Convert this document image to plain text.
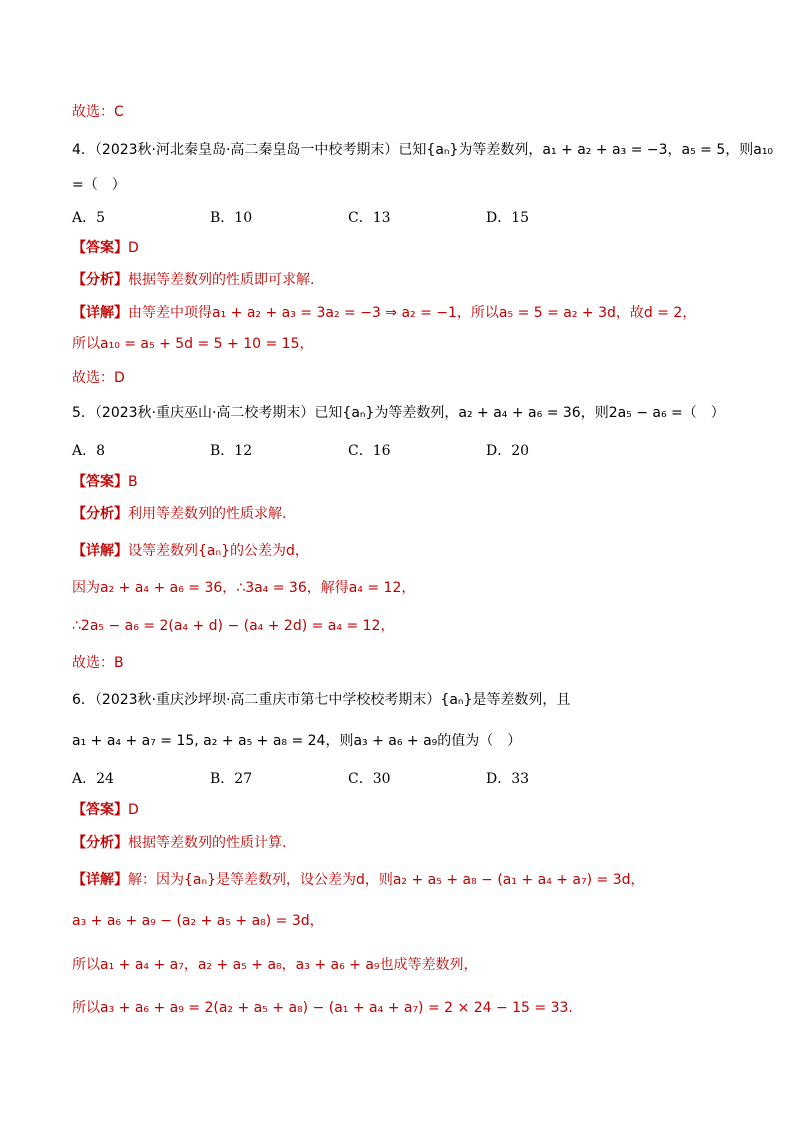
故选：C
4．（2023秋·河北秦皇岛·高二秦皇岛一中校考期末）已知{aₙ}为等差数列，a₁ + a₂ + a₃ = −3，a₅ = 5，则a₁₀
=（　）
A．5	B．10	C．13	D．15
【答案】D
【分析】根据等差数列的性质即可求解.
【详解】由等差中项得a₁ + a₂ + a₃ = 3a₂ = −3 ⇒ a₂ = −1，所以a₅ = 5 = a₂ + 3d，故d = 2，
所以a₁₀ = a₅ + 5d = 5 + 10 = 15，
故选：D
5．（2023秋·重庆巫山·高二校考期末）已知{aₙ}为等差数列，a₂ + a₄ + a₆ = 36，则2a₅ − a₆ =（　）
A．8	B．12	C．16	D．20
【答案】B
【分析】利用等差数列的性质求解.
【详解】设等差数列{aₙ}的公差为d，
因为a₂ + a₄ + a₆ = 36，∴3a₄ = 36，解得a₄ = 12，
∴2a₅ − a₆ = 2(a₄ + d) − (a₄ + 2d) = a₄ = 12，
故选：B
6．（2023秋·重庆沙坪坝·高二重庆市第七中学校校考期末）{aₙ}是等差数列，且
a₁ + a₄ + a₇ = 15, a₂ + a₅ + a₈ = 24，则a₃ + a₆ + a₉的值为（　）
A．24	B．27	C．30	D．33
【答案】D
【分析】根据等差数列的性质计算.
【详解】解：因为{aₙ}是等差数列，设公差为d，则a₂ + a₅ + a₈ − (a₁ + a₄ + a₇) = 3d，
a₃ + a₆ + a₉ − (a₂ + a₅ + a₈) = 3d，
所以a₁ + a₄ + a₇，a₂ + a₅ + a₈，a₃ + a₆ + a₉也成等差数列，
所以a₃ + a₆ + a₉ = 2(a₂ + a₅ + a₈) − (a₁ + a₄ + a₇) = 2 × 24 − 15 = 33.
